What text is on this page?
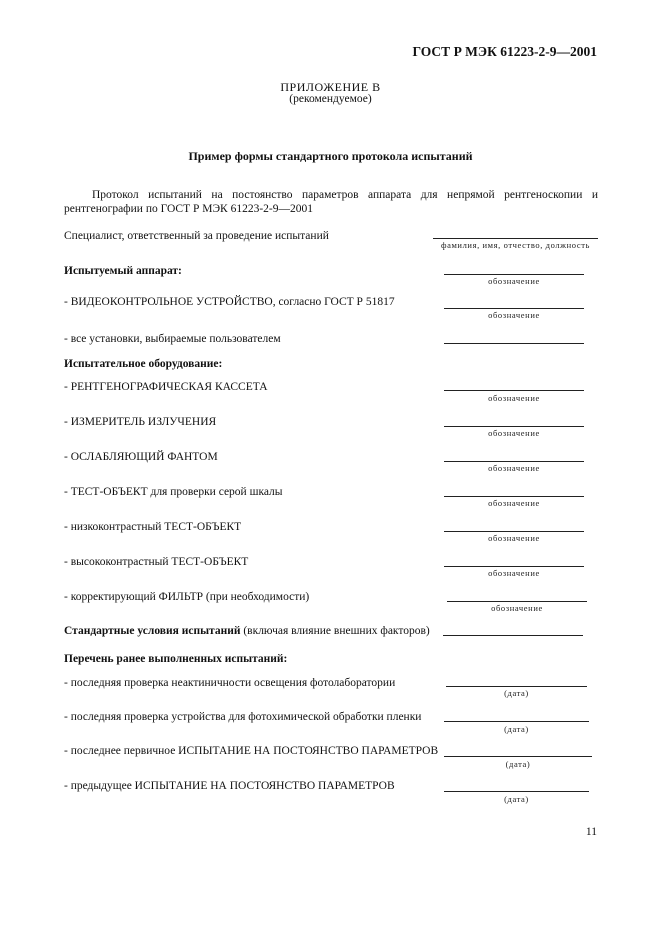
ГОСТ Р МЭК 61223-2-9—2001
ПРИЛОЖЕНИЕ В
(рекомендуемое)
Пример формы стандартного протокола испытаний
Протокол испытаний на постоянство параметров аппарата для непрямой рентгеноскопии и рентгенографии по ГОСТ Р МЭК 61223-2-9—2001
Специалист, ответственный за проведение испытаний
фамилия, имя, отчество, должность
Испытуемый аппарат:
обозначение
- ВИДЕОКОНТРОЛЬНОЕ УСТРОЙСТВО, согласно ГОСТ Р 51817
обозначение
- все установки, выбираемые пользователем
Испытательное оборудование:
- РЕНТГЕНОГРАФИЧЕСКАЯ КАССЕТА
обозначение
- ИЗМЕРИТЕЛЬ ИЗЛУЧЕНИЯ
обозначение
- ОСЛАБЛЯЮЩИЙ ФАНТОМ
обозначение
- ТЕСТ-ОБЪЕКТ для проверки серой шкалы
обозначение
- низкоконтрастный ТЕСТ-ОБЪЕКТ
обозначение
- высококонтрастный ТЕСТ-ОБЪЕКТ
обозначение
- корректирующий ФИЛЬТР (при необходимости)
обозначение
Стандартные условия испытаний (включая влияние внешних факторов)
Перечень ранее выполненных испытаний:
- последняя проверка неактиничности освещения фотолаборатории
(дата)
- последняя проверка устройства для фотохимической обработки пленки
(дата)
- последнее первичное ИСПЫТАНИЕ НА ПОСТОЯНСТВО ПАРАМЕТРОВ
(дата)
- предыдущее ИСПЫТАНИЕ НА ПОСТОЯНСТВО ПАРАМЕТРОВ
(дата)
11
